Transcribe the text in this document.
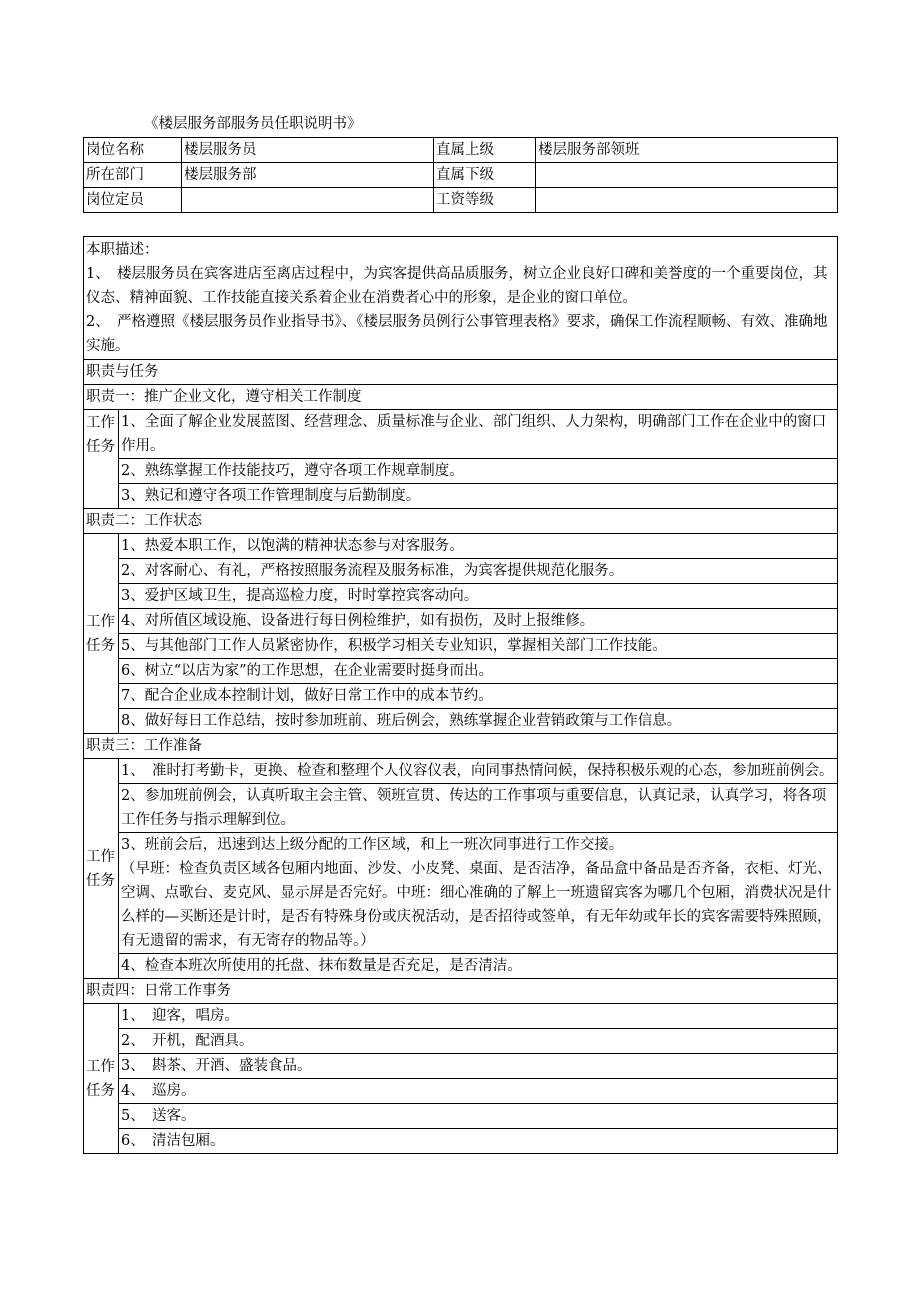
《楼层服务部服务员任职说明书》
岗位名称	楼层服务员	直属上级	楼层服务部领班
所在部门	楼层服务部	直属下级	
岗位定员		工资等级	
本职描述：
1、　楼层服务员在宾客进店至离店过程中，为宾客提供高品质服务，树立企业良好口碑和美誉度的一个重要岗位，其仪态、精神面貌、工作技能直接关系着企业在消费者心中的形象，是企业的窗口单位。
2、　严格遵照《楼层服务员作业指导书》、《楼层服务员例行公事管理表格》要求，确保工作流程顺畅、有效、准确地实施。	

职责与任务	
职责一：推广企业文化，遵守相关工作制度	
工作任务	1、全面了解企业发展蓝图、经营理念、质量标准与企业、部门组织、人力架构，明确部门工作在企业中的窗口作用。
	2、熟练掌握工作技能技巧，遵守各项工作规章制度。
	3、熟记和遵守各项工作管理制度与后勤制度。
职责二：工作状态	
工作任务	1、热爱本职工作，以饱满的精神状态参与对客服务。
	2、对客耐心、有礼，严格按照服务流程及服务标准，为宾客提供规范化服务。
	3、爱护区域卫生，提高巡检力度，时时掌控宾客动向。
	4、对所值区域设施、设备进行每日例检维护，如有损伤，及时上报维修。
	5、与其他部门工作人员紧密协作，积极学习相关专业知识，掌握相关部门工作技能。
	6、树立“以店为家”的工作思想，在企业需要时挺身而出。
	7、配合企业成本控制计划，做好日常工作中的成本节约。
	8、做好每日工作总结，按时参加班前、班后例会，熟练掌握企业营销政策与工作信息。
职责三：工作准备	
工作任务	1、　准时打考勤卡，更换、检查和整理个人仪容仪表，向同事热情问候，保持积极乐观的心态，参加班前例会。
	2、参加班前例会，认真听取主会主管、领班宣贯、传达的工作事项与重要信息，认真记录，认真学习，将各项工作任务与指示理解到位。

	3、班前会后，迅速到达上级分配的工作区域，和上一班次同事进行工作交接。
（早班：检查负责区域各包厢内地面、沙发、小皮凳、桌面、是否洁净，备品盒中备品是否齐备，衣柜、灯光、空调、点歌台、麦克风、显示屏是否完好。中班：细心准确的了解上一班遗留宾客为哪几个包厢，消费状况是什么样的—买断还是计时，是否有特殊身份或庆祝活动，是否招待或签单，有无年幼或年长的宾客需要特殊照顾，有无遗留的需求，有无寄存的物品等。）

	4、检查本班次所使用的托盘、抹布数量是否充足，是否清洁。
职责四：日常工作事务	
工作任务	1、　迎客，唱房。
	2、　开机，配酒具。
	3、　斟茶、开酒、盛装食品。
	4、　巡房。
	5、　送客。
	6、　清洁包厢。
